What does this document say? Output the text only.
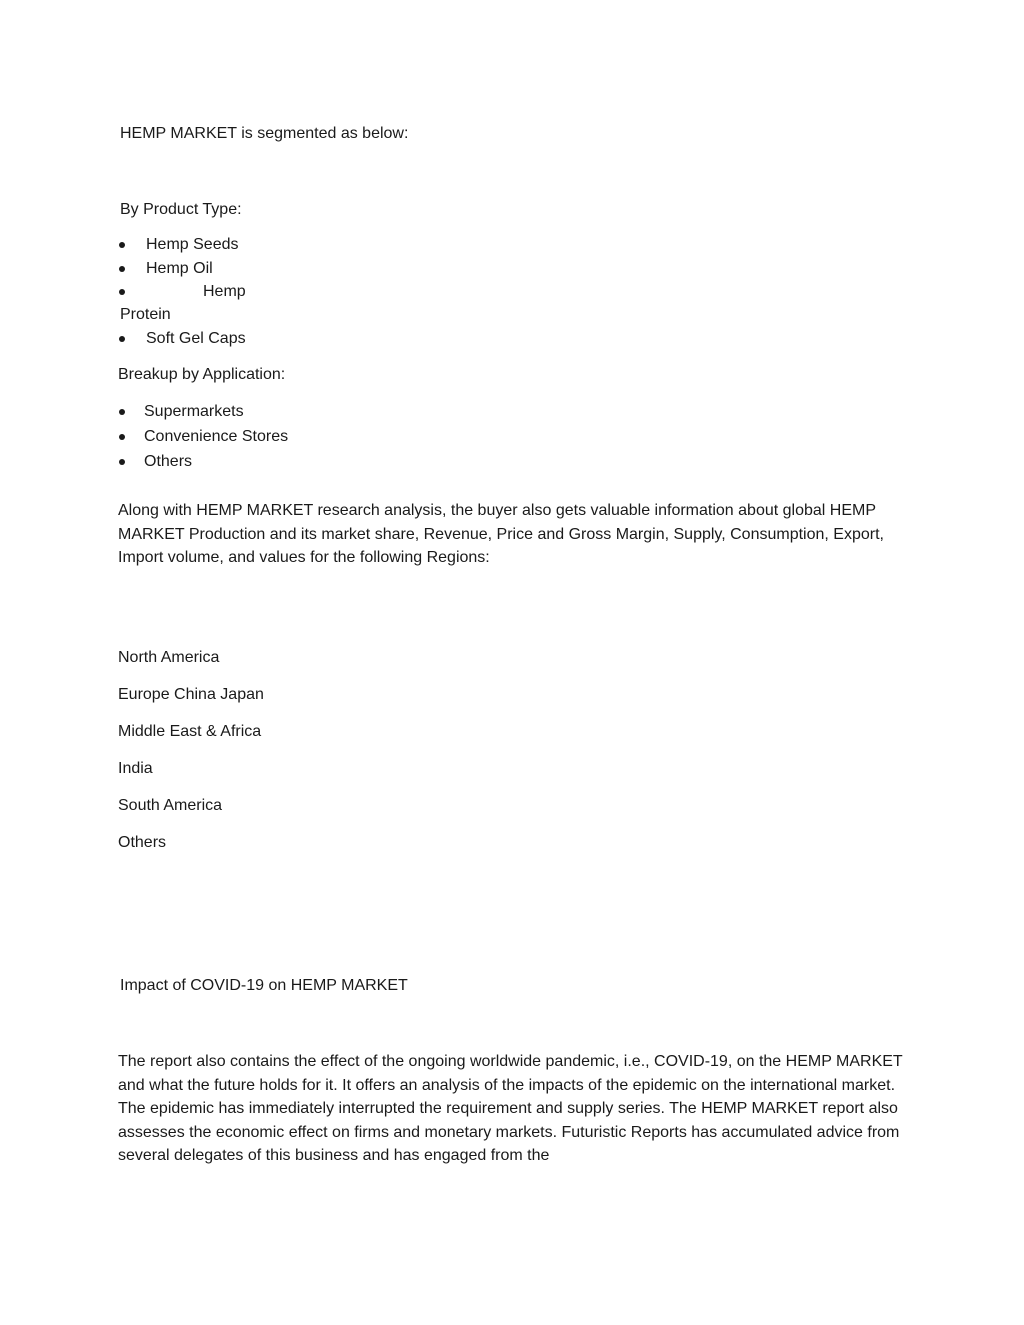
HEMP MARKET is segmented as below:
By Product Type:
Hemp Seeds
Hemp Oil
Hemp
Protein
Soft Gel Caps
Breakup by Application:
Supermarkets
Convenience Stores
Others
Along with HEMP MARKET research analysis, the buyer also gets valuable information about global HEMP MARKET Production and its market share, Revenue, Price and Gross Margin, Supply, Consumption, Export, Import volume, and values for the following Regions:
North America
Europe China Japan
Middle East & Africa
India
South America
Others
Impact of COVID-19 on HEMP MARKET
The report also contains the effect of the ongoing worldwide pandemic, i.e., COVID-19, on the HEMP MARKET and what the future holds for it. It offers an analysis of the impacts of the epidemic on the international market. The epidemic has immediately interrupted the requirement and supply series. The HEMP MARKET report also assesses the economic effect on firms and monetary markets. Futuristic Reports has accumulated advice from several delegates of this business and has engaged from the
